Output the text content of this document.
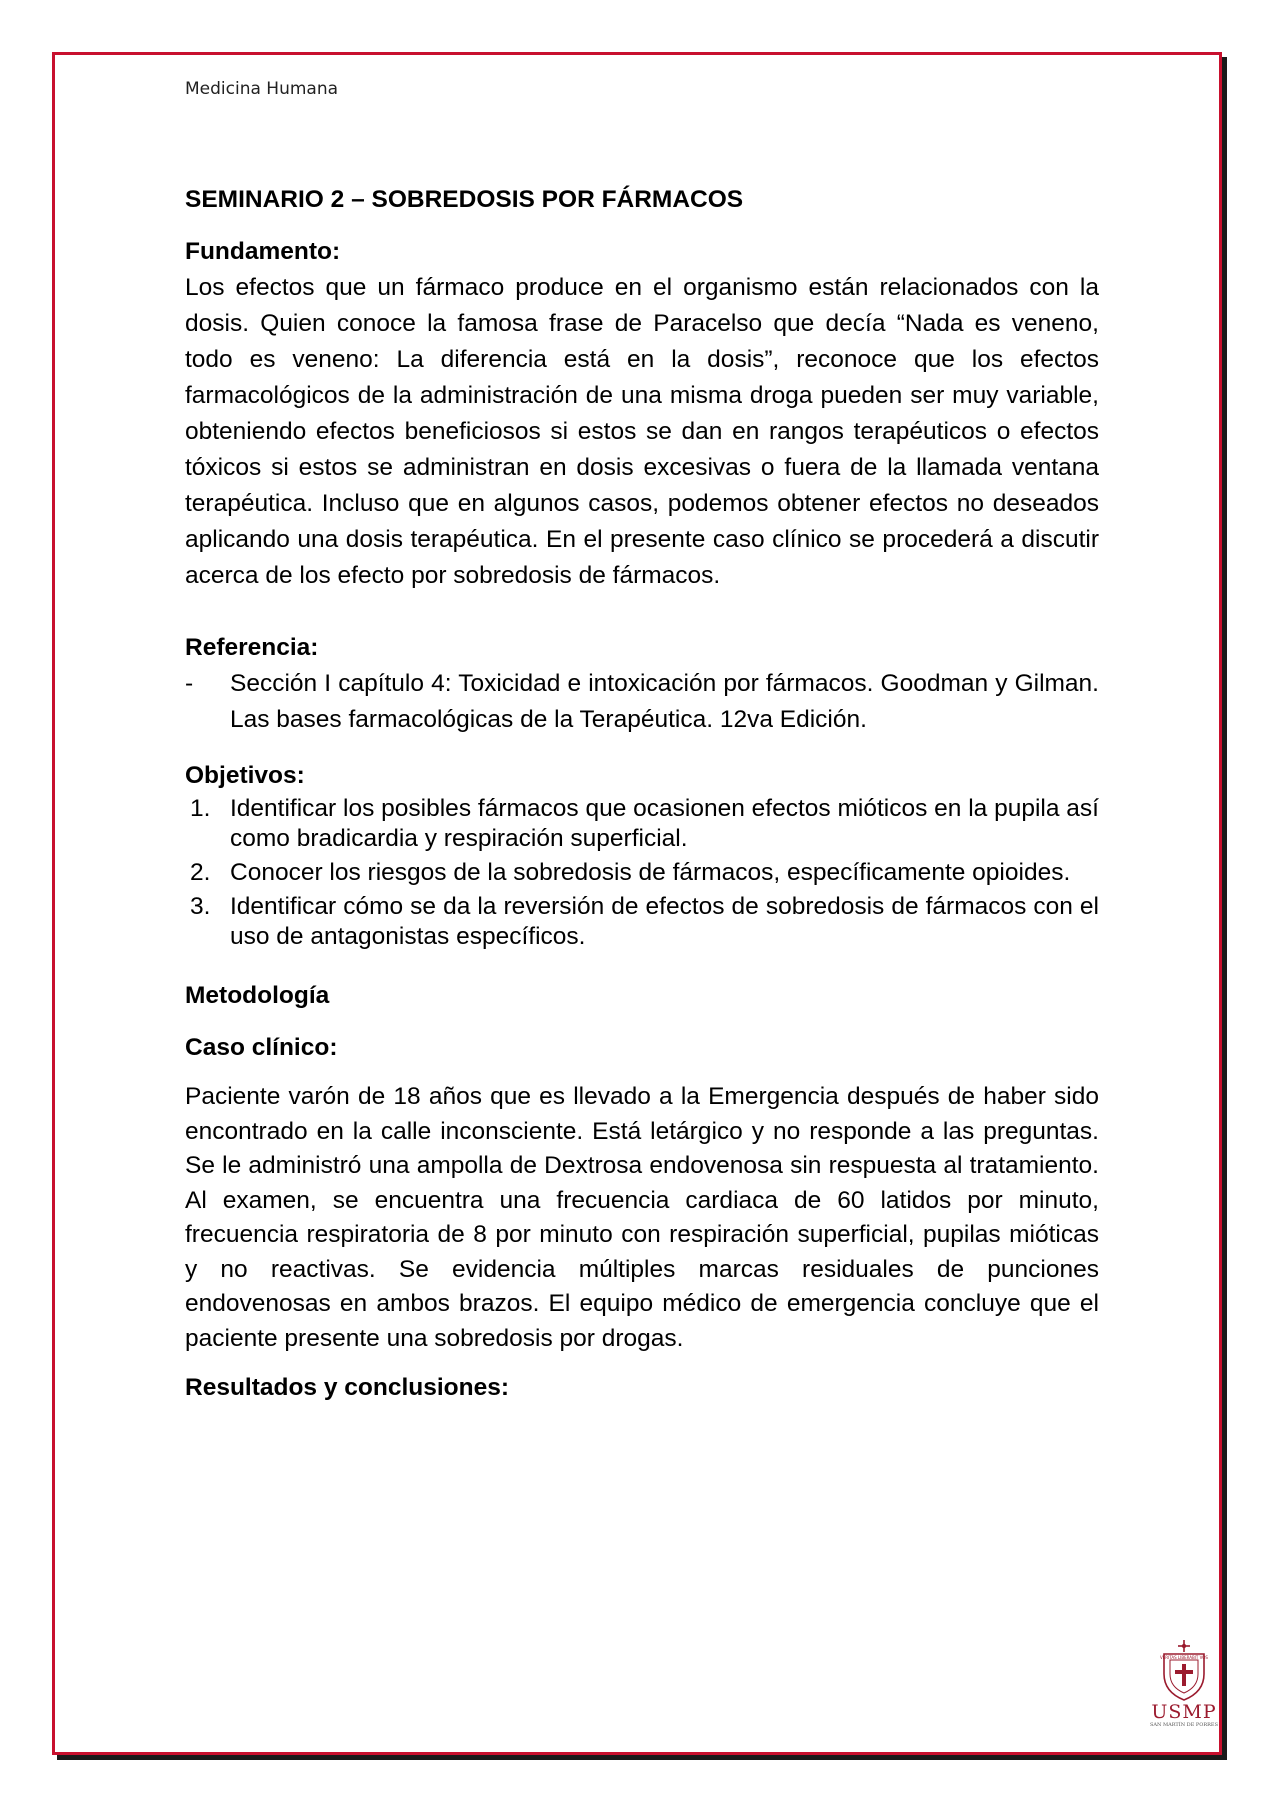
Medicina Humana

SEMINARIO 2 – SOBREDOSIS POR FÁRMACOS

Fundamento:

Los efectos que un fármaco produce en el organismo están relacionados con la dosis. Quien conoce la famosa frase de Paracelso que decía “Nada es veneno, todo es veneno: La diferencia está en la dosis”, reconoce que los efectos farmacológicos de la administración de una misma droga pueden ser muy variable, obteniendo efectos beneficiosos si estos se dan en rangos terapéuticos o efectos tóxicos si estos se administran en dosis excesivas o fuera de la llamada ventana terapéutica. Incluso que en algunos casos, podemos obtener efectos no deseados aplicando una dosis terapéutica. En el presente caso clínico se procederá a discutir acerca de los efecto por sobredosis de fármacos.

Referencia:

- Sección I capítulo 4: Toxicidad e intoxicación por fármacos. Goodman y Gilman. Las bases farmacológicas de la Terapéutica. 12va Edición.

Objetivos:

1. Identificar los posibles fármacos que ocasionen efectos mióticos en la pupila así como bradicardia y respiración superficial.
2. Conocer los riesgos de la sobredosis de fármacos, específicamente opioides.
3. Identificar cómo se da la reversión de efectos de sobredosis de fármacos con el uso de antagonistas específicos.

Metodología

Caso clínico:

Paciente varón de 18 años que es llevado a la Emergencia después de haber sido encontrado en la calle inconsciente. Está letárgico y no responde a las preguntas. Se le administró una ampolla de Dextrosa endovenosa sin respuesta al tratamiento. Al examen, se encuentra una frecuencia cardiaca de 60 latidos por minuto, frecuencia respiratoria de 8 por minuto con respiración superficial, pupilas mióticas y no reactivas. Se evidencia múltiples marcas residuales de punciones endovenosas en ambos brazos. El equipo médico de emergencia concluye que el paciente presente una sobredosis por drogas.

Resultados y conclusiones:

VERITAS LIBERABIT VOS
USMP
SAN MARTÍN DE PORRES
